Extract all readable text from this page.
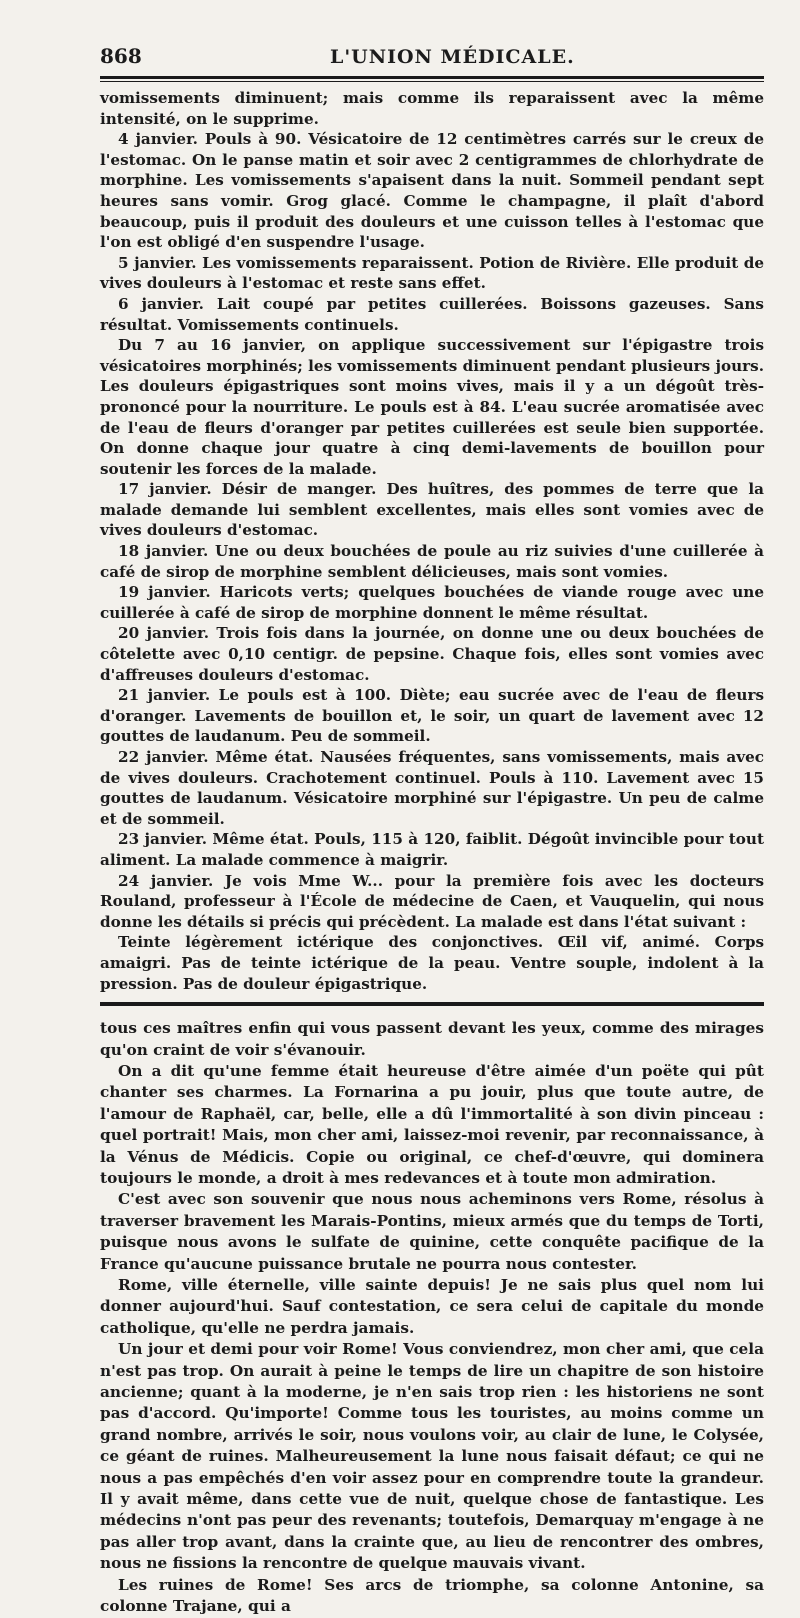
868	L'UNION MÉDICALE.

vomissements diminuent; mais comme ils reparaissent avec la même intensité, on le supprime.

4 janvier. Pouls à 90. Vésicatoire de 12 centimètres carrés sur le creux de l'estomac. On le panse matin et soir avec 2 centigrammes de chlorhydrate de morphine. Les vomissements s'apaisent dans la nuit. Sommeil pendant sept heures sans vomir. Grog glacé. Comme le champagne, il plaît d'abord beaucoup, puis il produit des douleurs et une cuisson telles à l'estomac que l'on est obligé d'en suspendre l'usage.

5 janvier. Les vomissements reparaissent. Potion de Rivière. Elle produit de vives douleurs à l'estomac et reste sans effet.

6 janvier. Lait coupé par petites cuillerées. Boissons gazeuses. Sans résultat. Vomissements continuels.

Du 7 au 16 janvier, on applique successivement sur l'épigastre trois vésicatoires morphinés; les vomissements diminuent pendant plusieurs jours. Les douleurs épigastriques sont moins vives, mais il y a un dégoût très-prononcé pour la nourriture. Le pouls est à 84. L'eau sucrée aromatisée avec de l'eau de fleurs d'oranger par petites cuillerées est seule bien supportée. On donne chaque jour quatre à cinq demi-lavements de bouillon pour soutenir les forces de la malade.

17 janvier. Désir de manger. Des huîtres, des pommes de terre que la malade demande lui semblent excellentes, mais elles sont vomies avec de vives douleurs d'estomac.

18 janvier. Une ou deux bouchées de poule au riz suivies d'une cuillerée à café de sirop de morphine semblent délicieuses, mais sont vomies.

19 janvier. Haricots verts; quelques bouchées de viande rouge avec une cuillerée à café de sirop de morphine donnent le même résultat.

20 janvier. Trois fois dans la journée, on donne une ou deux bouchées de côtelette avec 0,10 centigr. de pepsine. Chaque fois, elles sont vomies avec d'affreuses douleurs d'estomac.

21 janvier. Le pouls est à 100. Diète; eau sucrée avec de l'eau de fleurs d'oranger. Lavements de bouillon et, le soir, un quart de lavement avec 12 gouttes de laudanum. Peu de sommeil.

22 janvier. Même état. Nausées fréquentes, sans vomissements, mais avec de vives douleurs. Crachotement continuel. Pouls à 110. Lavement avec 15 gouttes de laudanum. Vésicatoire morphiné sur l'épigastre. Un peu de calme et de sommeil.

23 janvier. Même état. Pouls, 115 à 120, faiblit. Dégoût invincible pour tout aliment. La malade commence à maigrir.

24 janvier. Je vois Mme W... pour la première fois avec les docteurs Rouland, professeur à l'École de médecine de Caen, et Vauquelin, qui nous donne les détails si précis qui précèdent. La malade est dans l'état suivant :

Teinte légèrement ictérique des conjonctives. Œil vif, animé. Corps amaigri. Pas de teinte ictérique de la peau. Ventre souple, indolent à la pression. Pas de douleur épigastrique.

tous ces maîtres enfin qui vous passent devant les yeux, comme des mirages qu'on craint de voir s'évanouir.

On a dit qu'une femme était heureuse d'être aimée d'un poëte qui pût chanter ses charmes. La Fornarina a pu jouir, plus que toute autre, de l'amour de Raphaël, car, belle, elle a dû l'immortalité à son divin pinceau : quel portrait! Mais, mon cher ami, laissez-moi revenir, par reconnaissance, à la Vénus de Médicis. Copie ou original, ce chef-d'œuvre, qui dominera toujours le monde, a droit à mes redevances et à toute mon admiration.

C'est avec son souvenir que nous nous acheminons vers Rome, résolus à traverser bravement les Marais-Pontins, mieux armés que du temps de Torti, puisque nous avons le sulfate de quinine, cette conquête pacifique de la France qu'aucune puissance brutale ne pourra nous contester.

Rome, ville éternelle, ville sainte depuis! Je ne sais plus quel nom lui donner aujourd'hui. Sauf contestation, ce sera celui de capitale du monde catholique, qu'elle ne perdra jamais.

Un jour et demi pour voir Rome! Vous conviendrez, mon cher ami, que cela n'est pas trop. On aurait à peine le temps de lire un chapitre de son histoire ancienne; quant à la moderne, je n'en sais trop rien : les historiens ne sont pas d'accord. Qu'importe! Comme tous les touristes, au moins comme un grand nombre, arrivés le soir, nous voulons voir, au clair de lune, le Colysée, ce géant de ruines. Malheureusement la lune nous faisait défaut; ce qui ne nous a pas empêchés d'en voir assez pour en comprendre toute la grandeur. Il y avait même, dans cette vue de nuit, quelque chose de fantastique. Les médecins n'ont pas peur des revenants; toutefois, Demarquay m'engage à ne pas aller trop avant, dans la crainte que, au lieu de rencontrer des ombres, nous ne fissions la rencontre de quelque mauvais vivant.

Les ruines de Rome! Ses arcs de triomphe, sa colonne Antonine, sa colonne Trajane, qui a
